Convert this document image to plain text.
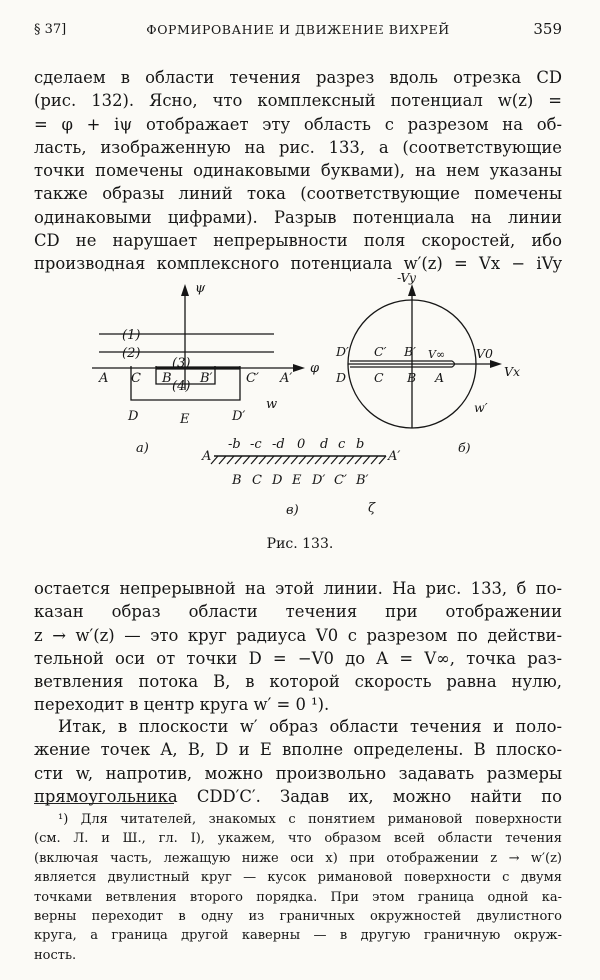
§ 37]	ФОРМИРОВАНИЕ И ДВИЖЕНИЕ ВИХРЕЙ	359
сделаем в области течения разрез вдоль отрезка CD
(рис. 132). Ясно, что комплексный потенциал w(z) =
= φ + iψ отображает эту область с разрезом на об-
ласть, изображенную на рис. 133, a (соответствующие
точки помечены одинаковыми буквами), на нем указаны
также образы линий тока (соответствующие помечены
одинаковыми цифрами). Разрыв потенциала на линии
CD не нарушает непрерывности поля скоростей, ибо
производная комплексного потенциала w′(z) = Vx − iVy
ψ
φ
(1)
(2)
(3)
(4)
A C B B′	C′ A′
D	E	D′
w
a)
-Vy
Vx
V0
V∞
D′ C′ B′
D C B A
w′
б)
A	A′
-b -c -d 0 d c b
B C D E D′ C′ B′
в)	ζ
Рис. 133.
остается непрерывной на этой линии. На рис. 133, б по-
казан образ области течения при отображении
z → w′(z) — это круг радиуса V0 с разрезом по действи-
тельной оси от точки D = −V0 до A = V∞, точка раз-
ветвления потока B, в которой скорость равна нулю,
переходит в центр круга w′ = 0 ¹).
Итак, в плоскости w′ образ области течения и поло-
жение точек A, B, D и E вполне определены. В плоско-
сти w, напротив, можно произвольно задавать размеры
прямоугольника CDD′C′. Задав их, можно найти по
¹) Для читателей, знакомых с понятием римановой поверхности
(см. Л. и Ш., гл. I), укажем, что образом всей области течения
(включая часть, лежащую ниже оси x) при отображении z → w′(z)
является двулистный круг — кусок римановой поверхности с двумя
точками ветвления второго порядка. При этом граница одной ка-
верны переходит в одну из граничных окружностей двулистного
круга, а граница другой каверны — в другую граничную окруж-
ность.
